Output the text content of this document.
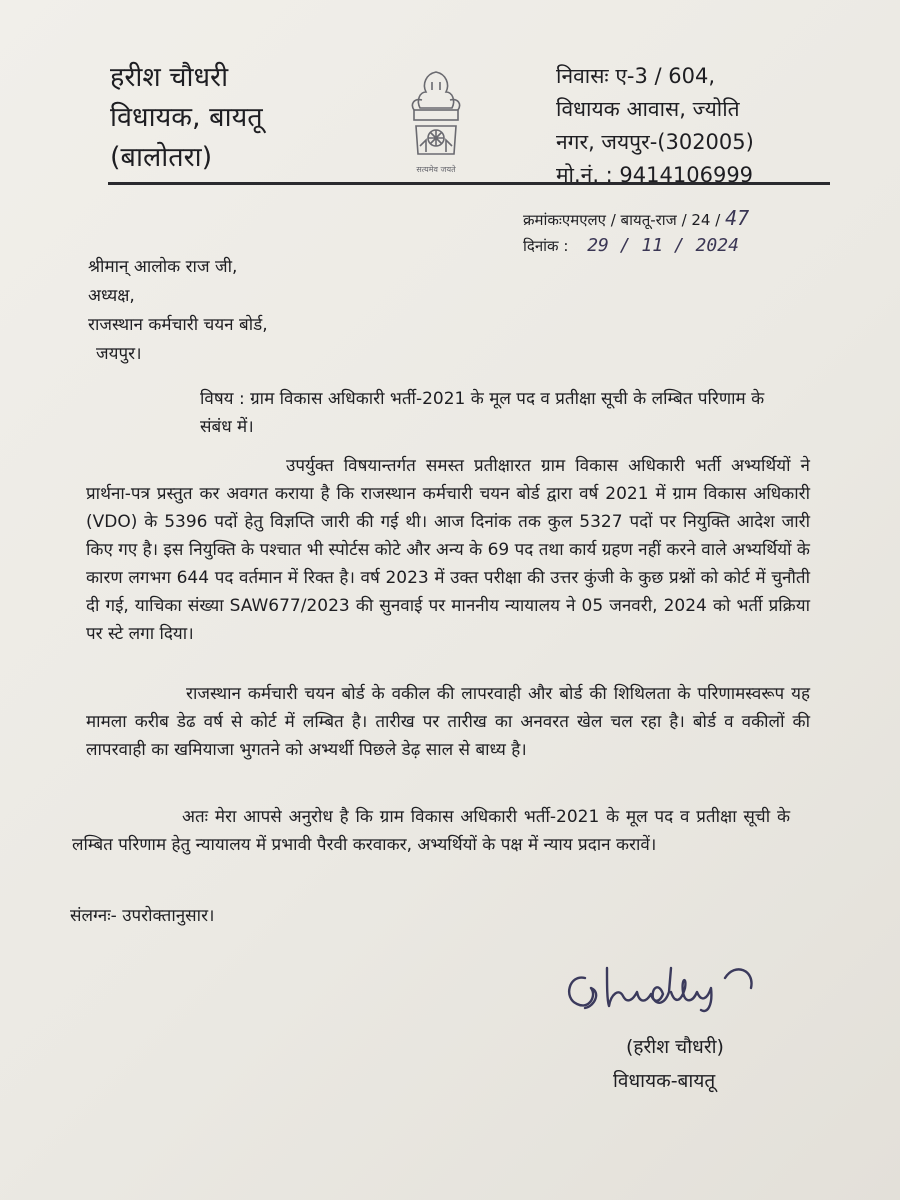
हरीश चौधरी
विधायक, बायतू
(बालोतरा)	सत्यमेव जयते
निवासः ए-3 / 604,
विधायक आवास, ज्योति
नगर, जयपुर-(302005)
मो.नं. : 9414106999
क्रमांकःएमएलए / बायतू-राज / 24 / 47
दिनांक : 29 / 11 / 2024
श्रीमान् आलोक राज जी,
अध्यक्ष,
राजस्थान कर्मचारी चयन बोर्ड,
जयपुर।
विषय : ग्राम विकास अधिकारी भर्ती-2021 के मूल पद व प्रतीक्षा सूची के लम्बित परिणाम के संबंध में।
उपर्युक्त विषयान्तर्गत समस्त प्रतीक्षारत ग्राम विकास अधिकारी भर्ती अभ्यर्थियों ने प्रार्थना-पत्र प्रस्तुत कर अवगत कराया है कि राजस्थान कर्मचारी चयन बोर्ड द्वारा वर्ष 2021 में ग्राम विकास अधिकारी (VDO) के 5396 पदों हेतु विज्ञप्ति जारी की गई थी। आज दिनांक तक कुल 5327 पदों पर नियुक्ति आदेश जारी किए गए है। इस नियुक्ति के पश्चात भी स्पोर्टस कोटे और अन्य के 69 पद तथा कार्य ग्रहण नहीं करने वाले अभ्यर्थियों के कारण लगभग 644 पद वर्तमान में रिक्त है। वर्ष 2023 में उक्त परीक्षा की उत्तर कुंजी के कुछ प्रश्नों को कोर्ट में चुनौती दी गई, याचिका संख्या SAW677/2023 की सुनवाई पर माननीय न्यायालय ने 05 जनवरी, 2024 को भर्ती प्रक्रिया पर स्टे लगा दिया।
राजस्थान कर्मचारी चयन बोर्ड के वकील की लापरवाही और बोर्ड की शिथिलता के परिणामस्वरूप यह मामला करीब डेढ वर्ष से कोर्ट में लम्बित है। तारीख पर तारीख का अनवरत खेल चल रहा है। बोर्ड व वकीलों की लापरवाही का खमियाजा भुगतने को अभ्यर्थी पिछले डेढ़ साल से बाध्य है।
अतः मेरा आपसे अनुरोध है कि ग्राम विकास अधिकारी भर्ती-2021 के मूल पद व प्रतीक्षा सूची के लम्बित परिणाम हेतु न्यायालय में प्रभावी पैरवी करवाकर, अभ्यर्थियों के पक्ष में न्याय प्रदान करावें।
संलग्नः- उपरोक्तानुसार।
(हरीश चौधरी)
विधायक-बायतू
